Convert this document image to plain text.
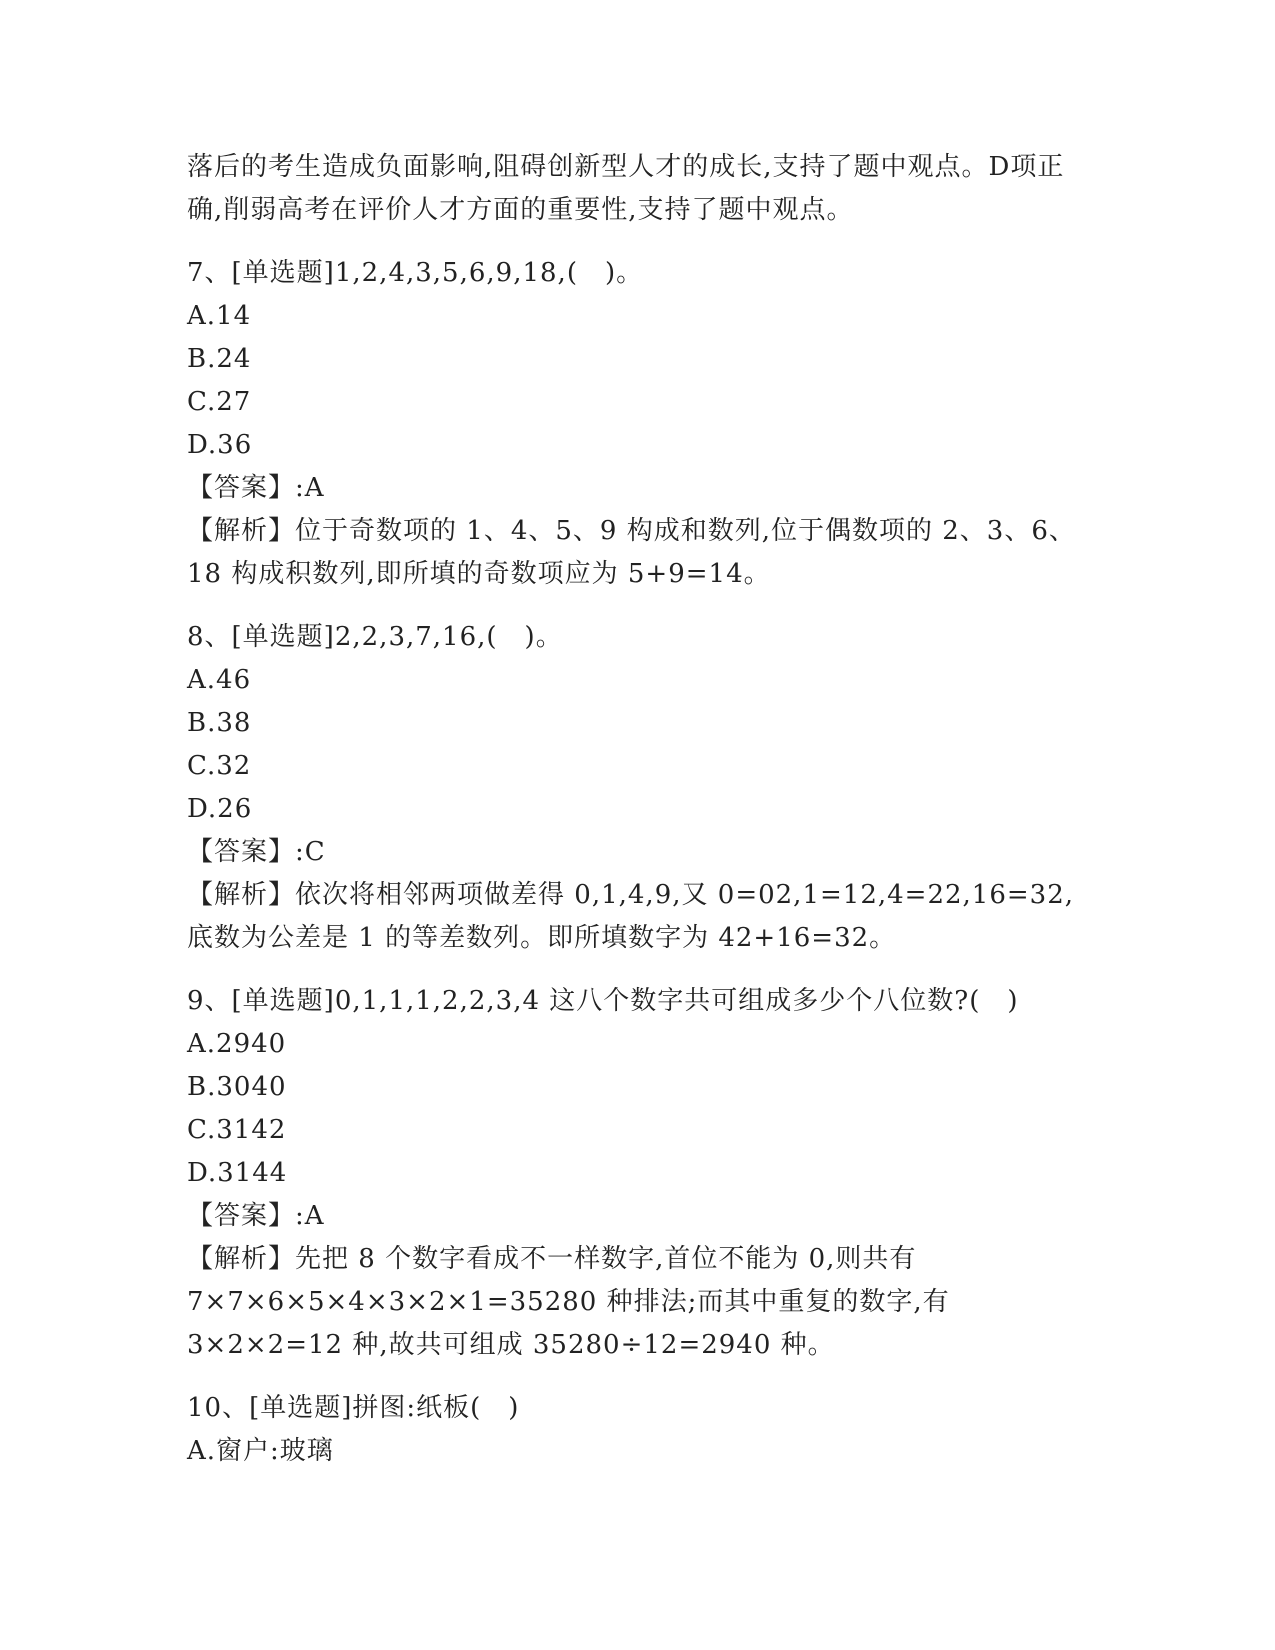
落后的考生造成负面影响,阻碍创新型人才的成长,支持了题中观点。D项正确,削弱高考在评价人才方面的重要性,支持了题中观点。

7、[单选题]1,2,4,3,5,6,9,18,(　)。

A.14

B.24

C.27

D.36

【答案】:A

【解析】位于奇数项的 1、4、5、9 构成和数列,位于偶数项的 2、3、6、18 构成积数列,即所填的奇数项应为 5+9=14。

8、[单选题]2,2,3,7,16,(　)。

A.46

B.38

C.32

D.26

【答案】:C

【解析】依次将相邻两项做差得 0,1,4,9,又 0=02,1=12,4=22,16=32,底数为公差是 1 的等差数列。即所填数字为 42+16=32。

9、[单选题]0,1,1,1,2,2,3,4 这八个数字共可组成多少个八位数?(　)

A.2940

B.3040

C.3142

D.3144

【答案】:A

【解析】先把 8 个数字看成不一样数字,首位不能为 0,则共有 7×7×6×5×4×3×2×1=35280 种排法;而其中重复的数字,有 3×2×2=12 种,故共可组成 35280÷12=2940 种。

10、[单选题]拼图:纸板(　)

A.窗户:玻璃
